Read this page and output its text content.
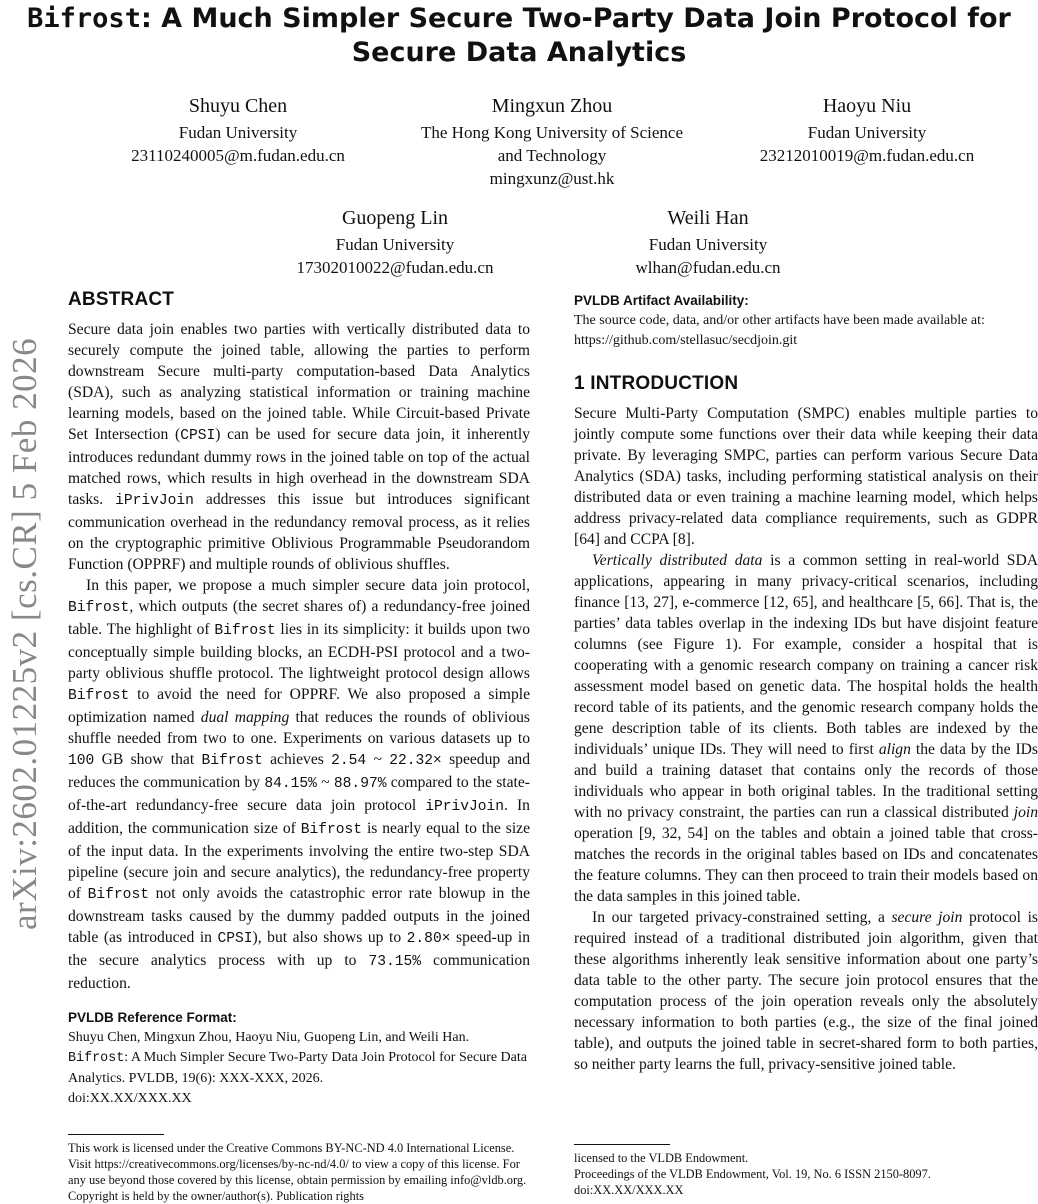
Bifrost: A Much Simpler Secure Two-Party Data Join Protocol for
Secure Data Analytics
Shuyu Chen
Fudan University
23110240005@m.fudan.edu.cn
Mingxun Zhou
The Hong Kong University of Science
and Technology
mingxunz@ust.hk
Haoyu Niu
Fudan University
23212010019@m.fudan.edu.cn
Guopeng Lin
Fudan University
17302010022@fudan.edu.cn
Weili Han
Fudan University
wlhan@fudan.edu.cn
arXiv:2602.01225v2 [cs.CR] 5 Feb 2026
ABSTRACT

Secure data join enables two parties with vertically distributed data to securely compute the joined table, allowing the parties to perform downstream Secure multi-party computation-based Data Analytics (SDA), such as analyzing statistical information or training machine learning models, based on the joined table. While Circuit-based Private Set Intersection (CPSI) can be used for secure data join, it inherently introduces redundant dummy rows in the joined table on top of the actual matched rows, which results in high overhead in the downstream SDA tasks. iPrivJoin addresses this issue but introduces significant communication overhead in the redundancy removal process, as it relies on the cryptographic primitive Oblivious Programmable Pseudorandom Function (OPPRF) and multiple rounds of oblivious shuffles.

In this paper, we propose a much simpler secure data join protocol, Bifrost, which outputs (the secret shares of) a redundancy-free joined table. The highlight of Bifrost lies in its simplicity: it builds upon two conceptually simple building blocks, an ECDH-PSI protocol and a two-party oblivious shuffle protocol. The lightweight protocol design allows Bifrost to avoid the need for OPPRF. We also proposed a simple optimization named dual mapping that reduces the rounds of oblivious shuffle needed from two to one. Experiments on various datasets up to 100 GB show that Bifrost achieves 2.54 ~ 22.32× speedup and reduces the communication by 84.15% ~ 88.97% compared to the state-of-the-art redundancy-free secure data join protocol iPrivJoin. In addition, the communication size of Bifrost is nearly equal to the size of the input data. In the experiments involving the entire two-step SDA pipeline (secure join and secure analytics), the redundancy-free property of Bifrost not only avoids the catastrophic error rate blowup in the downstream tasks caused by the dummy padded outputs in the joined table (as introduced in CPSI), but also shows up to 2.80× speed-up in the secure analytics process with up to 73.15% communication reduction.

PVLDB Reference Format:
Shuyu Chen, Mingxun Zhou, Haoyu Niu, Guopeng Lin, and Weili Han.
Bifrost: A Much Simpler Secure Two-Party Data Join Protocol for Secure Data Analytics. PVLDB, 19(6): XXX-XXX, 2026.
doi:XX.XX/XXX.XX
This work is licensed under the Creative Commons BY-NC-ND 4.0 International License. Visit https://creativecommons.org/licenses/by-nc-nd/4.0/ to view a copy of this license. For any use beyond those covered by this license, obtain permission by emailing info@vldb.org. Copyright is held by the owner/author(s). Publication rights
PVLDB Artifact Availability:
The source code, data, and/or other artifacts have been made available at:
https://github.com/stellasuc/secdjoin.git
1 INTRODUCTION

Secure Multi-Party Computation (SMPC) enables multiple parties to jointly compute some functions over their data while keeping their data private. By leveraging SMPC, parties can perform various Secure Data Analytics (SDA) tasks, including performing statistical analysis on their distributed data or even training a machine learning model, which helps address privacy-related data compliance requirements, such as GDPR [64] and CCPA [8].

Vertically distributed data is a common setting in real-world SDA applications, appearing in many privacy-critical scenarios, including finance [13, 27], e-commerce [12, 65], and healthcare [5, 66]. That is, the parties’ data tables overlap in the indexing IDs but have disjoint feature columns (see Figure 1). For example, consider a hospital that is cooperating with a genomic research company on training a cancer risk assessment model based on genetic data. The hospital holds the health record table of its patients, and the genomic research company holds the gene description table of its clients. Both tables are indexed by the individuals’ unique IDs. They will need to first align the data by the IDs and build a training dataset that contains only the records of those individuals who appear in both original tables. In the traditional setting with no privacy constraint, the parties can run a classical distributed join operation [9, 32, 54] on the tables and obtain a joined table that cross-matches the records in the original tables based on IDs and concatenates the feature columns. They can then proceed to train their models based on the data samples in this joined table.

In our targeted privacy-constrained setting, a secure join protocol is required instead of a traditional distributed join algorithm, given that these algorithms inherently leak sensitive information about one party’s data table to the other party. The secure join protocol ensures that the computation process of the join operation reveals only the absolutely necessary information to both parties (e.g., the size of the final joined table), and outputs the joined table in secret-shared form to both parties, so neither party learns the full, privacy-sensitive joined table.

licensed to the VLDB Endowment.
Proceedings of the VLDB Endowment, Vol. 19, No. 6 ISSN 2150-8097.
doi:XX.XX/XXX.XX
